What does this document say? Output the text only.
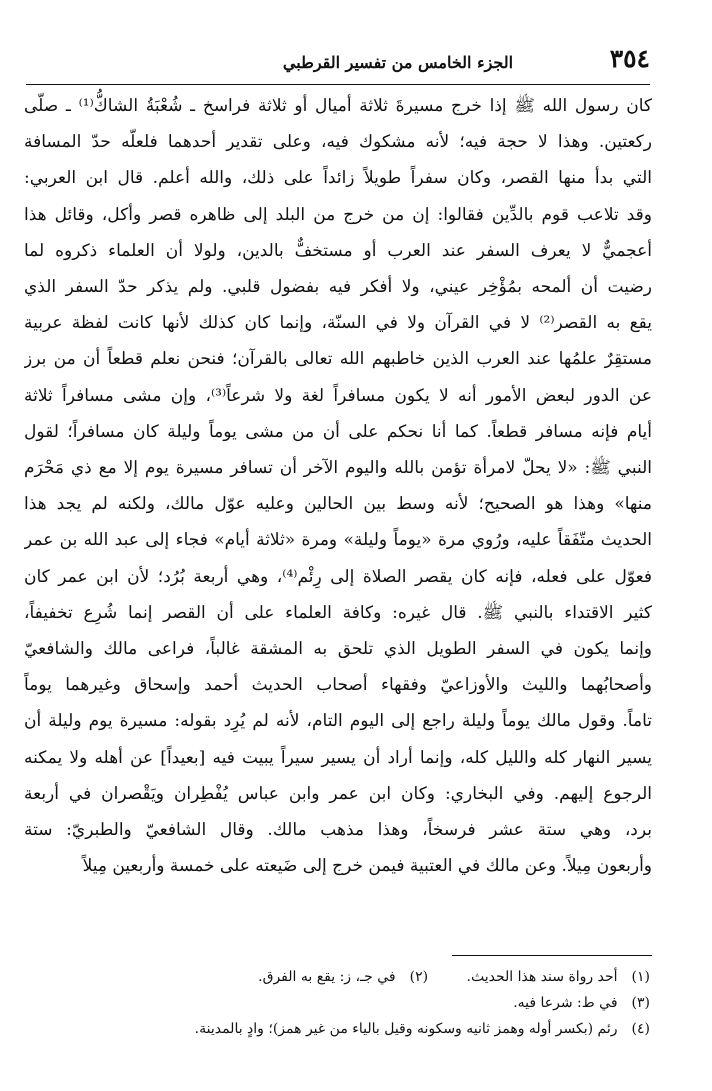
٣٥٤
الجزء الخامس من تفسير القرطبي
كان رسول الله ﷺ إذا خرج مسيرةَ ثلاثة أميال أو ثلاثة فراسخ ـ شُعْبَةُ الشاكُّ⁽¹⁾ ـ صلّى
ركعتين. وهذا لا حجة فيه؛ لأنه مشكوك فيه، وعلى تقدير أحدهما فلعلّه حدّ المسافة
التي بدأ منها القصر، وكان سفراً طويلاً زائداً على ذلك، والله أعلم. قال ابن العربي:
وقد تلاعب قوم بالدِّين فقالوا: إن من خرج من البلد إلى ظاهره قصر وأكل، وقائل هذا
أعجميٌّ لا يعرف السفر عند العرب أو مستخفٌّ بالدين، ولولا أن العلماء ذكروه لما
رضيت أن ألمحه بمُؤْخِر عيني، ولا أفكر فيه بفضول قلبي. ولم يذكر حدّ السفر الذي
يقع به القصر⁽²⁾ لا في القرآن ولا في السنّة، وإنما كان كذلك لأنها كانت لفظة عربية
مستقِرٌ علمُها عند العرب الذين خاطبهم الله تعالى بالقرآن؛ فنحن نعلم قطعاً أن من برز
عن الدور لبعض الأمور أنه لا يكون مسافراً لغة ولا شرعاً⁽³⁾، وإن مشى مسافراً ثلاثة
أيام فإنه مسافر قطعاً. كما أنا نحكم على أن من مشى يوماً وليلة كان مسافراً؛ لقول
النبي ﷺ: «لا يحلّ لامرأة تؤمن بالله واليوم الآخر أن تسافر مسيرة يوم إلا مع ذي مَحْرَم
منها» وهذا هو الصحيح؛ لأنه وسط بين الحالين وعليه عوّل مالك، ولكنه لم يجد هذا
الحديث متّفَقاً عليه، ورُوي مرة «يوماً وليلة» ومرة «ثلاثة أيام» فجاء إلى عبد الله بن عمر
فعوّل على فعله، فإنه كان يقصر الصلاة إلى رِئْم⁽⁴⁾، وهي أربعة بُرُد؛ لأن ابن عمر كان
كثير الاقتداء بالنبي ﷺ. قال غيره: وكافة العلماء على أن القصر إنما شُرِع تخفيفاً،
وإنما يكون في السفر الطويل الذي تلحق به المشقة غالباً، فراعى مالك والشافعيّ
وأصحابُهما والليث والأوزاعيّ وفقهاء أصحاب الحديث أحمد وإسحاق وغيرهما يوماً
تاماً. وقول مالك يوماً وليلة راجع إلى اليوم التام، لأنه لم يُرِد بقوله: مسيرة يوم وليلة أن
يسير النهار كله والليل كله، وإنما أراد أن يسير سيراً يبيت فيه [بعيداً] عن أهله ولا يمكنه
الرجوع إليهم. وفي البخاري: وكان ابن عمر وابن عباس يُفْطِران ويَقْصران في أربعة
برد، وهي ستة عشر فرسخاً، وهذا مذهب مالك. وقال الشافعيّ والطبريّ: ستة
وأربعون مِيلاً. وعن مالك في العتبية فيمن خرج إلى ضَيعته على خمسة وأربعين مِيلاً
(١)أحد رواة سند هذا الحديث. (٢)في جـ، ز: يقع به الفرق.
(٣)في ط: شرعا فيه.
(٤)رئم (بكسر أوله وهمز ثانيه وسكونه وقيل بالياء من غير همز)؛ وادٍ بالمدينة.
